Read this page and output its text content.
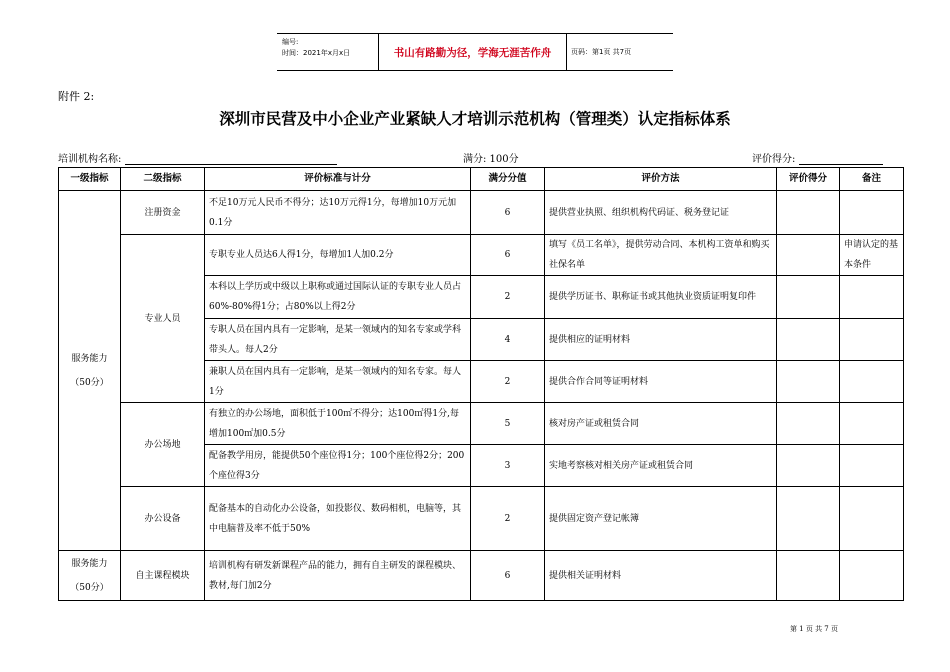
编号:
时间：2021年x月x日	书山有路勤为径，学海无涯苦作舟	页码：第1页 共7页
附件 2:
深圳市民营及中小企业产业紧缺人才培训示范机构（管理类）认定指标体系
培训机构名称:	满分: 100分	评价得分:
一级指标	二级指标	评价标准与计分	满分分值	评价方法	评价得分	备注

服务能力
（50分）	注册资金	不足10万元人民币不得分；达10万元得1分，每增加10万元加0.1分	6	提供营业执照、组织机构代码证、税务登记证		
	专业人员	专职专业人员达6人得1分，每增加1人加0.2分	6	填写《员工名单》，提供劳动合同、本机构工资单和购买社保名单		申请认定的基本条件
		本科以上学历或中级以上职称或通过国际认证的专职专业人员占60%-80%得1分；占80%以上得2分	2	提供学历证书、职称证书或其他执业资质证明复印件		
		专职人员在国内具有一定影响，是某一领域内的知名专家或学科带头人。每人2分	4	提供相应的证明材料		
		兼职人员在国内具有一定影响，是某一领域内的知名专家。每人1分	2	提供合作合同等证明材料		
	办公场地	有独立的办公场地，面积低于100㎡不得分；达100㎡得1分,每增加100㎡加0.5分	5	核对房产证或租赁合同		
		配备教学用房，能提供50个座位得1分；100个座位得2分；200个座位得3分	3	实地考察核对相关房产证或租赁合同		
	办公设备	配备基本的自动化办公设备，如投影仪、数码相机，电脑等，其中电脑普及率不低于50%	2	提供固定资产登记帐簿		

服务能力
（50分）	自主课程模块	培训机构有研发新课程产品的能力，拥有自主研发的课程模块、教材,每门加2分	6	提供相关证明材料		
第 1 页 共 7 页
